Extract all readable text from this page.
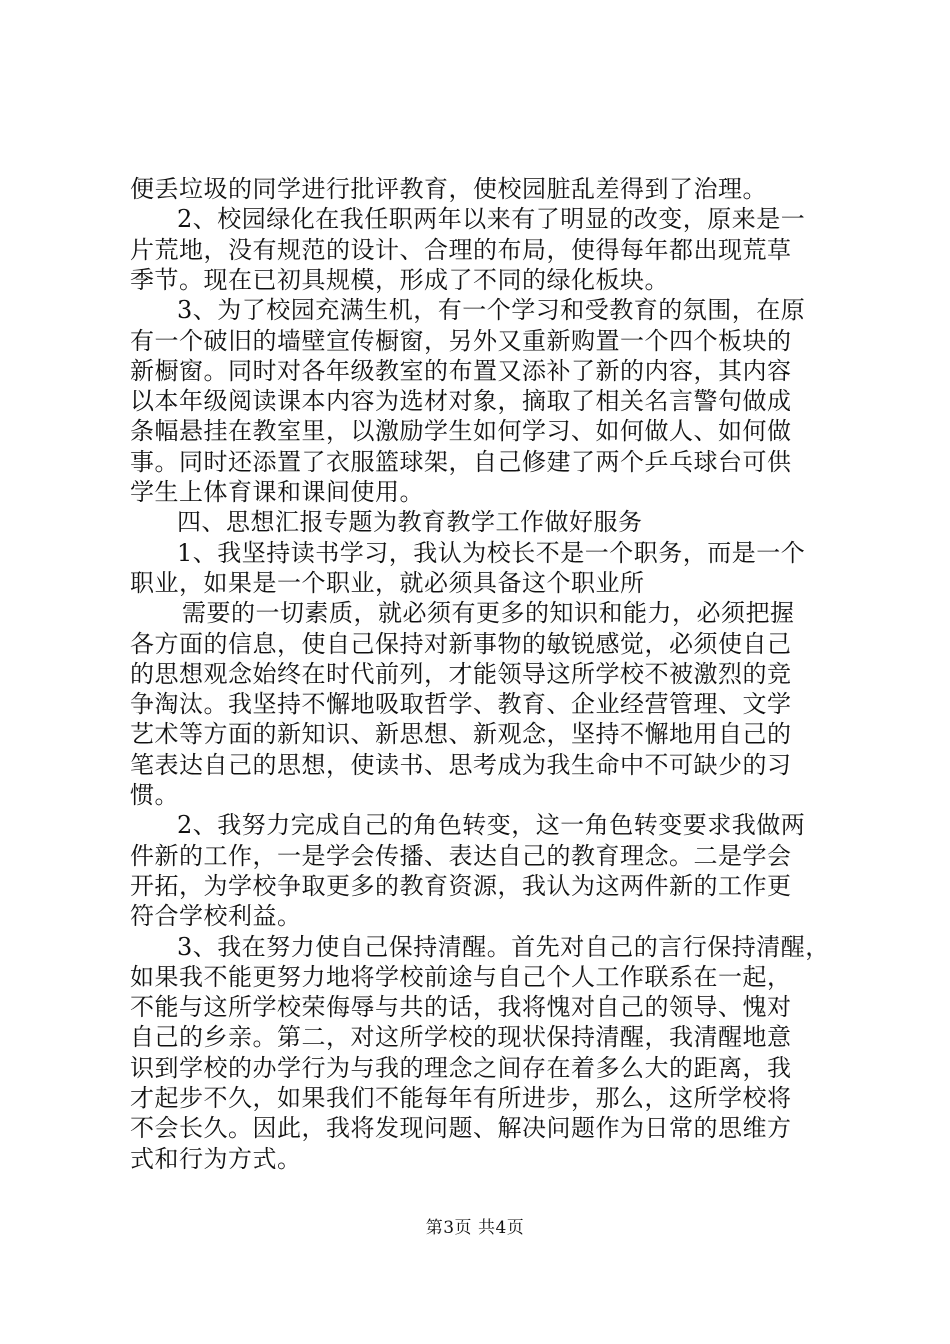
便丢垃圾的同学进行批评教育，使校园脏乱差得到了治理。
2、校园绿化在我任职两年以来有了明显的改变，原来是一
片荒地，没有规范的设计、合理的布局，使得每年都出现荒草
季节。现在已初具规模，形成了不同的绿化板块。
3、为了校园充满生机，有一个学习和受教育的氛围，在原
有一个破旧的墙壁宣传橱窗，另外又重新购置一个四个板块的
新橱窗。同时对各年级教室的布置又添补了新的内容，其内容
以本年级阅读课本内容为选材对象，摘取了相关名言警句做成
条幅悬挂在教室里，以激励学生如何学习、如何做人、如何做
事。同时还添置了衣服篮球架，自己修建了两个乒乓球台可供
学生上体育课和课间使用。
四、思想汇报专题为教育教学工作做好服务
1、我坚持读书学习，我认为校长不是一个职务，而是一个
职业，如果是一个职业，就必须具备这个职业所
需要的一切素质，就必须有更多的知识和能力，必须把握
各方面的信息，使自己保持对新事物的敏锐感觉，必须使自己
的思想观念始终在时代前列，才能领导这所学校不被激烈的竞
争淘汰。我坚持不懈地吸取哲学、教育、企业经营管理、文学
艺术等方面的新知识、新思想、新观念，坚持不懈地用自己的
笔表达自己的思想，使读书、思考成为我生命中不可缺少的习
惯。
2、我努力完成自己的角色转变，这一角色转变要求我做两
件新的工作，一是学会传播、表达自己的教育理念。二是学会
开拓，为学校争取更多的教育资源，我认为这两件新的工作更
符合学校利益。
3、我在努力使自己保持清醒。首先对自己的言行保持清醒，
如果我不能更努力地将学校前途与自己个人工作联系在一起，
不能与这所学校荣侮辱与共的话，我将愧对自己的领导、愧对
自己的乡亲。第二，对这所学校的现状保持清醒，我清醒地意
识到学校的办学行为与我的理念之间存在着多么大的距离，我
才起步不久，如果我们不能每年有所进步，那么，这所学校将
不会长久。因此，我将发现问题、解决问题作为日常的思维方
式和行为方式。
第3页 共4页
